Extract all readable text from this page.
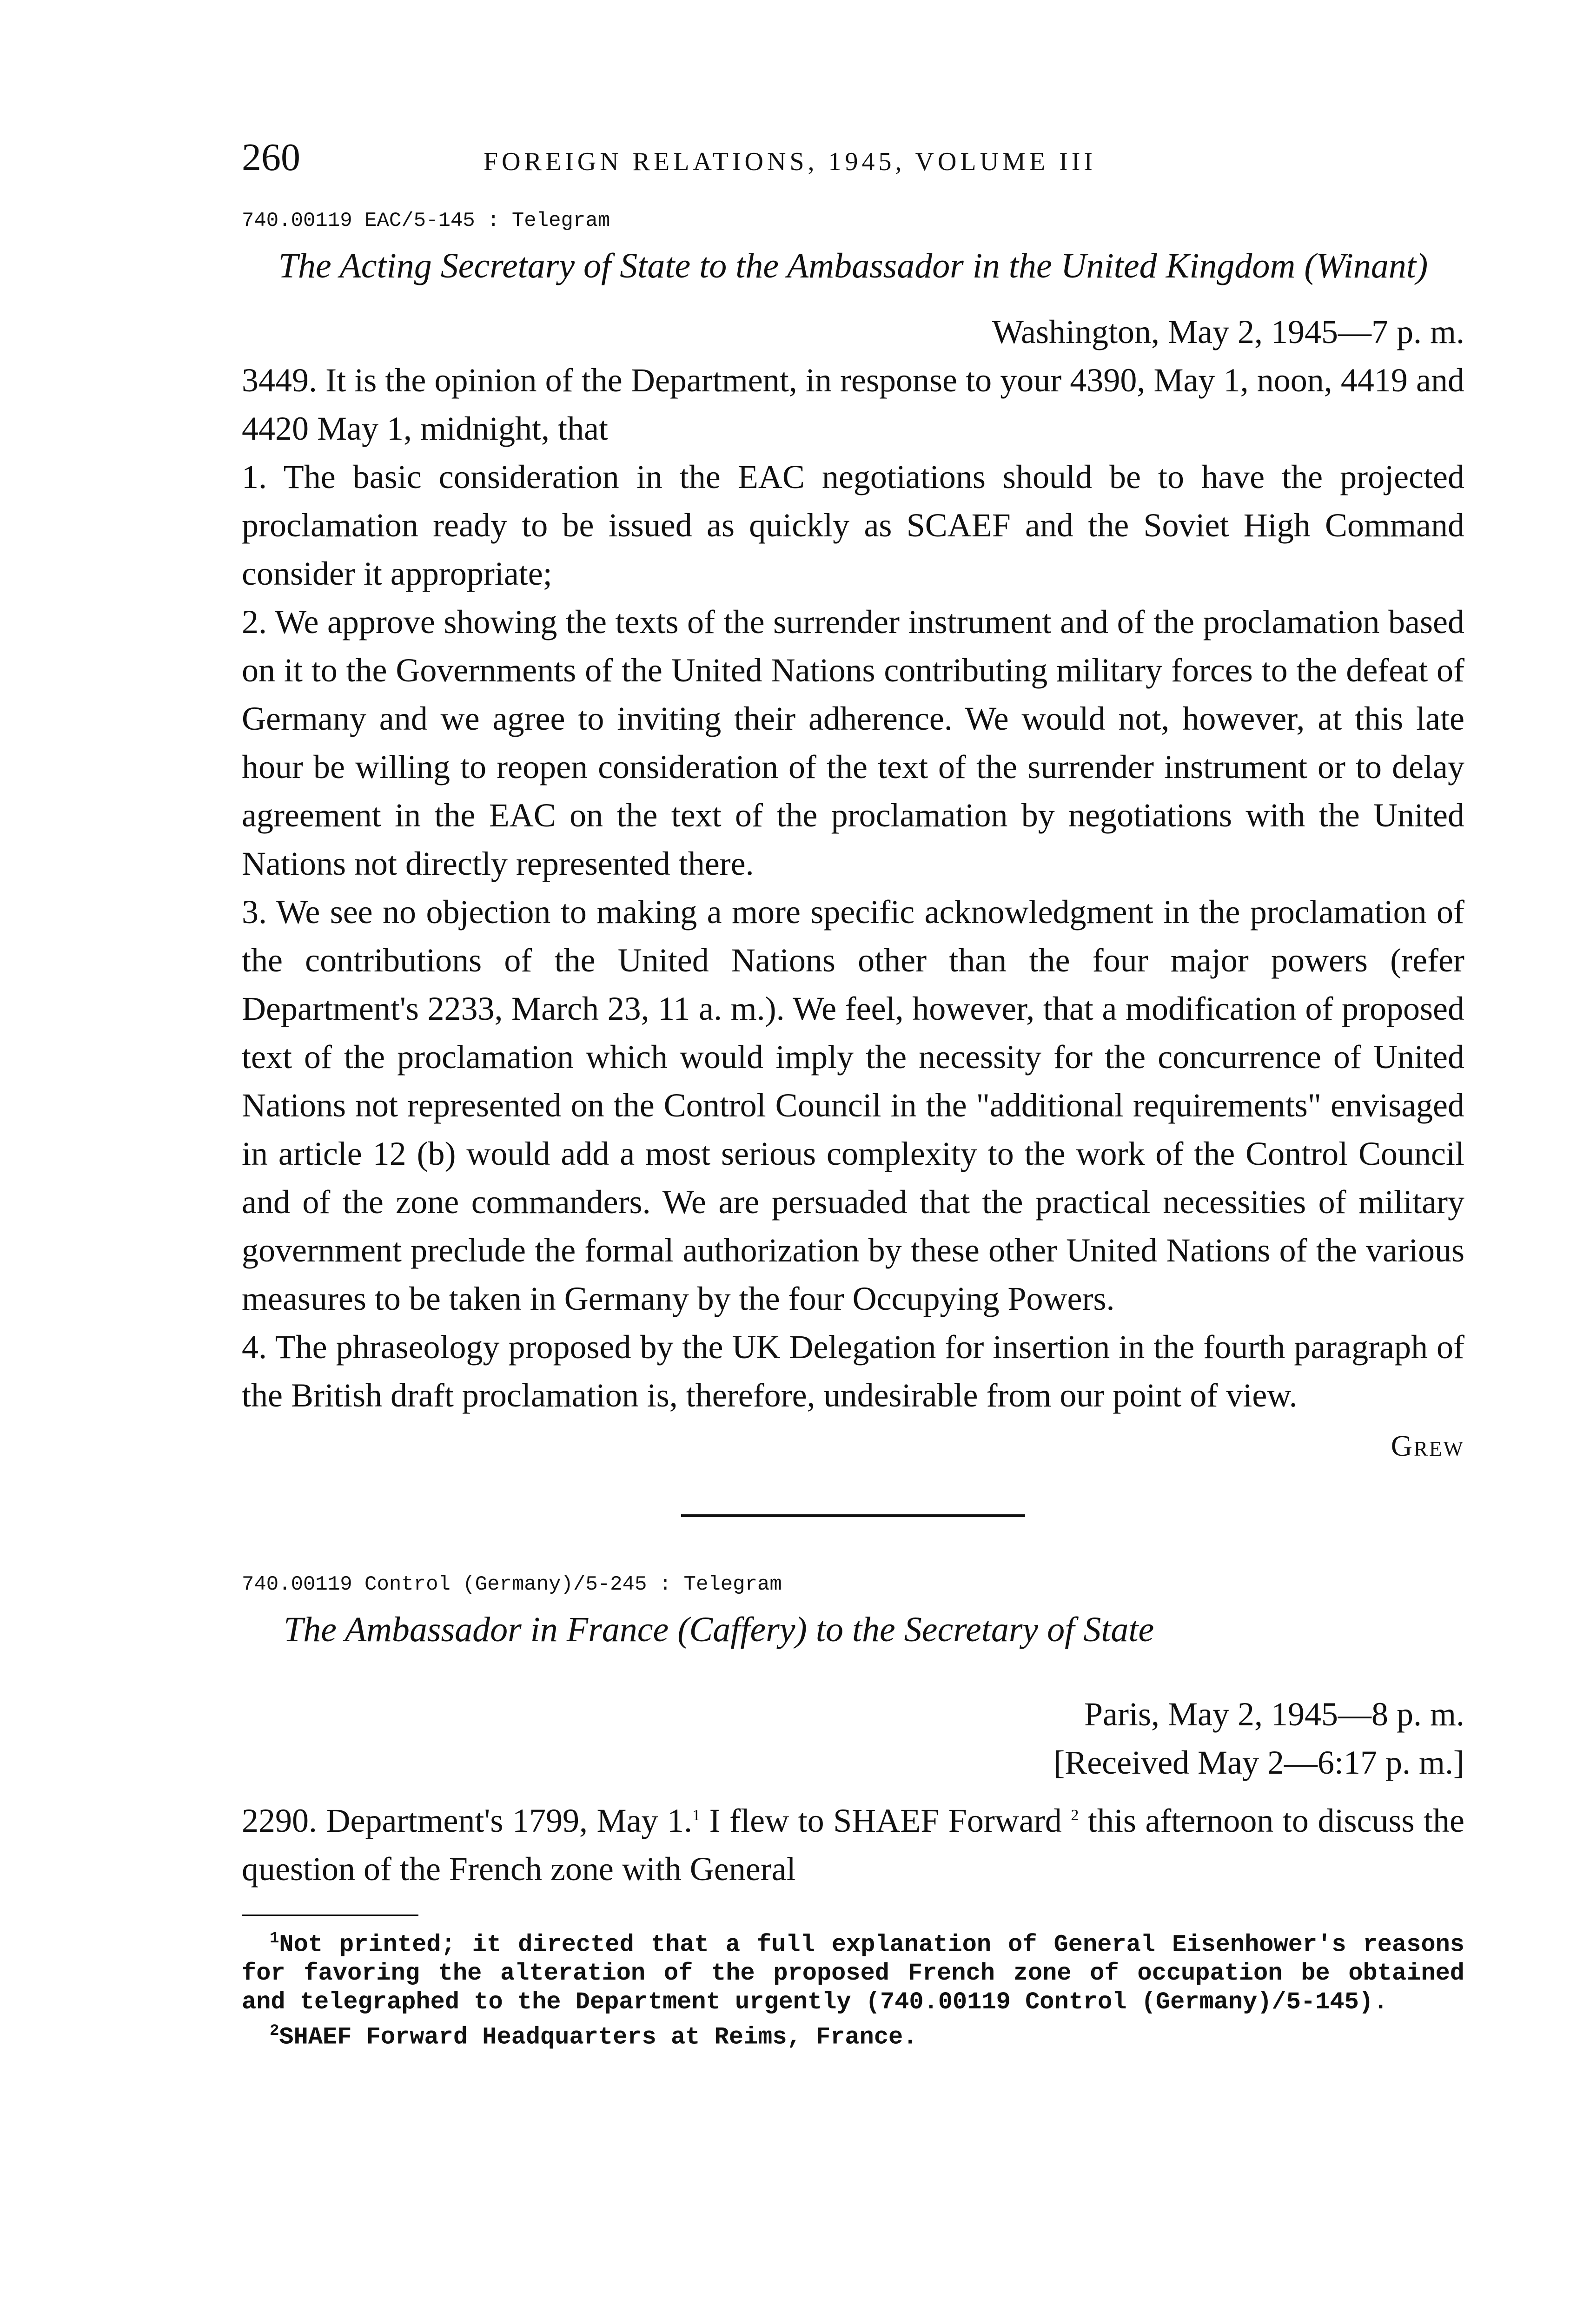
260	FOREIGN RELATIONS, 1945, VOLUME III
740.00119 EAC/5-145 : Telegram
The Acting Secretary of State to the Ambassador in the United Kingdom (Winant)
Washington, May 2, 1945—7 p. m.

3449. It is the opinion of the Department, in response to your 4390, May 1, noon, 4419 and 4420 May 1, midnight, that

1. The basic consideration in the EAC negotiations should be to have the projected proclamation ready to be issued as quickly as SCAEF and the Soviet High Command consider it appropriate;

2. We approve showing the texts of the surrender instrument and of the proclamation based on it to the Governments of the United Nations contributing military forces to the defeat of Germany and we agree to inviting their adherence. We would not, however, at this late hour be willing to reopen consideration of the text of the surrender instrument or to delay agreement in the EAC on the text of the proclamation by negotiations with the United Nations not directly represented there.

3. We see no objection to making a more specific acknowledgment in the proclamation of the contributions of the United Nations other than the four major powers (refer Department's 2233, March 23, 11 a. m.). We feel, however, that a modification of proposed text of the proclamation which would imply the necessity for the concurrence of United Nations not represented on the Control Council in the "additional requirements" envisaged in article 12 (b) would add a most serious complexity to the work of the Control Council and of the zone commanders. We are persuaded that the practical necessities of military government preclude the formal authorization by these other United Nations of the various measures to be taken in Germany by the four Occupying Powers.

4. The phraseology proposed by the UK Delegation for insertion in the fourth paragraph of the British draft proclamation is, therefore, undesirable from our point of view.

Grew
740.00119 Control (Germany)/5-245 : Telegram
The Ambassador in France (Caffery) to the Secretary of State
Paris, May 2, 1945—8 p. m.
[Received May 2—6:17 p. m.]

2290. Department's 1799, May 1.$^1$ I flew to SHAEF Forward $^2$ this afternoon to discuss the question of the French zone with General

$^1$Not printed; it directed that a full explanation of General Eisenhower's reasons for favoring the alteration of the proposed French zone of occupation be obtained and telegraphed to the Department urgently (740.00119 Control (Germany)/5-145).
$^2$SHAEF Forward Headquarters at Reims, France.
